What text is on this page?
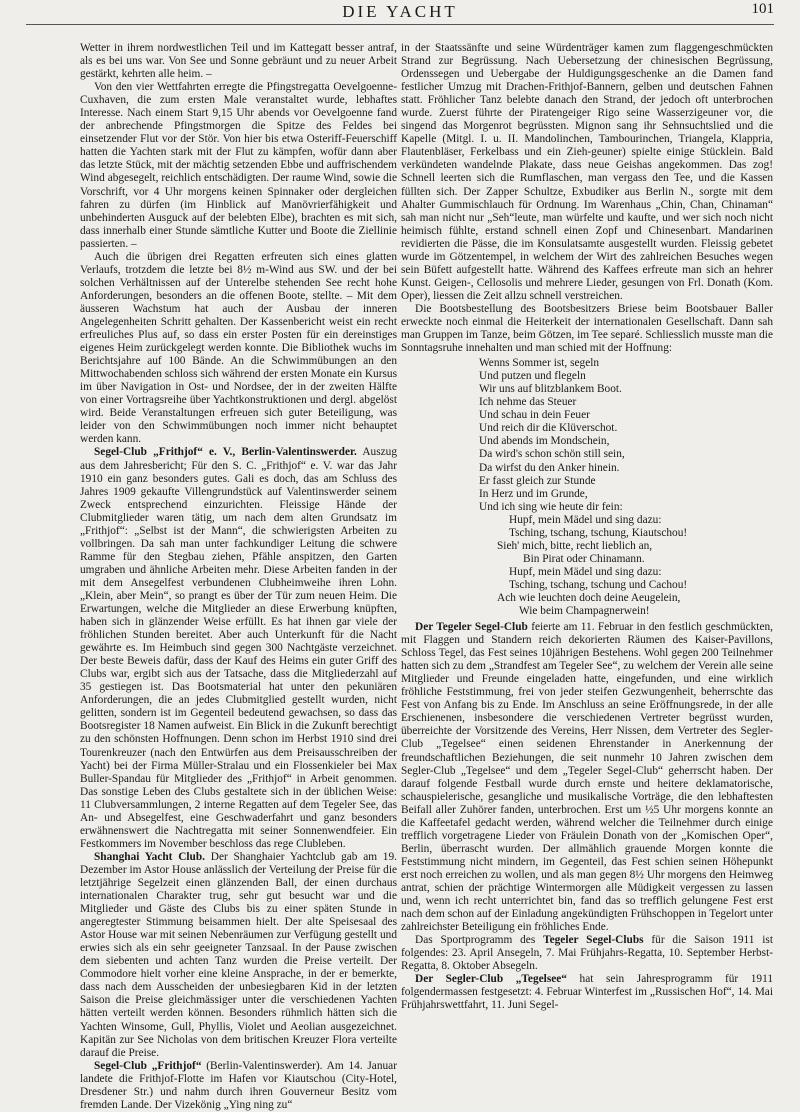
DIE YACHT	101

Wetter in ihrem nordwestlichen Teil und im Kattegatt besser antraf, als es bei uns war. Von See und Sonne gebräunt und zu neuer Arbeit gestärkt, kehrten alle heim. –

Von den vier Wettfahrten erregte die Pfingstregatta Oevelgoenne-Cuxhaven, die zum ersten Male veranstaltet wurde, lebhaftes Interesse. Nach einem Start 9,15 Uhr abends vor Oevelgoenne fand der anbrechende Pfingstmorgen die Spitze des Feldes bei einsetzender Flut vor der Stör. Von hier bis etwa Osteriff-Feuerschiff hatten die Yachten stark mit der Flut zu kämpfen, wofür dann aber das letzte Stück, mit der mächtig setzenden Ebbe und auffrischendem Wind abgesegelt, reichlich entschädigten. Der raume Wind, sowie die Vorschrift, vor 4 Uhr morgens keinen Spinnaker oder dergleichen fahren zu dürfen (im Hinblick auf Manövrierfähigkeit und unbehinderten Ausguck auf der belebten Elbe), brachten es mit sich, dass innerhalb einer Stunde sämtliche Kutter und Boote die Ziellinie passierten. –

Auch die übrigen drei Regatten erfreuten sich eines glatten Verlaufs, trotzdem die letzte bei 8½ m-Wind aus SW. und der bei solchen Verhältnissen auf der Unterelbe stehenden See recht hohe Anforderungen, besonders an die offenen Boote, stellte. – Mit dem äusseren Wachstum hat auch der Ausbau der inneren Angelegenheiten Schritt gehalten. Der Kassenbericht weist ein recht erfreuliches Plus auf, so dass ein erster Posten für ein dereinstiges eigenes Heim zurückgelegt werden konnte. Die Bibliothek wuchs im Berichtsjahre auf 100 Bände. An die Schwimmübungen an den Mittwochabenden schloss sich während der ersten Monate ein Kursus im über Navigation in Ost- und Nordsee, der in der zweiten Hälfte von einer Vortragsreihe über Yachtkonstruktionen und dergl. abgelöst wird. Beide Veranstaltungen erfreuen sich guter Beteiligung, was leider von den Schwimmübungen noch immer nicht behauptet werden kann.

Segel-Club „Frithjof“ e. V., Berlin-Valentinswerder. Auszug aus dem Jahresbericht; Für den S. C. „Frithjof“ e. V. war das Jahr 1910 ein ganz besonders gutes. Gali es doch, das am Schluss des Jahres 1909 gekaufte Villengrundstück auf Valentinswerder seinem Zweck entsprechend einzurichten. Fleissige Hände der Clubmitglieder waren tätig, um nach dem alten Grundsatz im „Frithjof“: „Selbst ist der Mann“, die schwierigsten Arbeiten zu vollbringen. Da sah man unter fachkundiger Leitung die schwere Ramme für den Stegbau ziehen, Pfähle anspitzen, den Garten umgraben und ähnliche Arbeiten mehr. Diese Arbeiten fanden in der mit dem Ansegelfest verbundenen Clubheimweihe ihren Lohn. „Klein, aber Mein“, so prangt es über der Tür zum neuen Heim. Die Erwartungen, welche die Mitglieder an diese Erwerbung knüpften, haben sich in glänzender Weise erfüllt. Es hat ihnen gar viele der fröhlichen Stunden bereitet. Aber auch Unterkunft für die Nacht gewährte es. Im Heimbuch sind gegen 300 Nachtgäste verzeichnet. Der beste Beweis dafür, dass der Kauf des Heims ein guter Griff des Clubs war, ergibt sich aus der Tatsache, dass die Mitgliederzahl auf 35 gestiegen ist. Das Bootsmaterial hat unter den pekuniären Anforderungen, die an jedes Clubmitglied gestellt wurden, nicht gelitten, sondern ist im Gegenteil bedeutend gewachsen, so dass das Bootsregister 18 Namen aufweist. Ein Blick in die Zukunft berechtigt zu den schönsten Hoffnungen. Denn schon im Herbst 1910 sind drei Tourenkreuzer (nach den Entwürfen aus dem Preisausschreiben der Yacht) bei der Firma Müller-Stralau und ein Flossenkieler bei Max Buller-Spandau für Mitglieder des „Frithjof“ in Arbeit genommen. Das sonstige Leben des Clubs gestaltete sich in der üblichen Weise: 11 Clubversammlungen, 2 interne Regatten auf dem Tegeler See, das An- und Absegelfest, eine Geschwaderfahrt und ganz besonders erwähnenswert die Nachtregatta mit seiner Sonnenwendfeier. Ein Festkommers im November beschloss das rege Clubleben.

Shanghai Yacht Club. Der Shanghaier Yachtclub gab am 19. Dezember im Astor House anlässlich der Verteilung der Preise für die letztjährige Segelzeit einen glänzenden Ball, der einen durchaus internationalen Charakter trug, sehr gut besucht war und die Mitglieder und Gäste des Clubs bis zu einer späten Stunde in angeregtester Stimmung beisammen hielt. Der alte Speisesaal des Astor House war mit seinen Nebenräumen zur Verfügung gestellt und erwies sich als ein sehr geeigneter Tanzsaal. In der Pause zwischen dem siebenten und achten Tanz wurden die Preise verteilt. Der Commodore hielt vorher eine kleine Ansprache, in der er bemerkte, dass nach dem Ausscheiden der unbesiegbaren Kid in der letzten Saison die Preise gleichmässiger unter die verschiedenen Yachten hätten verteilt werden können. Besonders rühmlich hätten sich die Yachten Winsome, Gull, Phyllis, Violet und Aeolian ausgezeichnet. Kapitän zur See Nicholas von dem britischen Kreuzer Flora verteilte darauf die Preise.

Segel-Club „Frithjof“ (Berlin-Valentinswerder). Am 14. Januar landete die Frithjof-Flotte im Hafen vor Kiautschou (City-Hotel, Dresdener Str.) und nahm durch ihren Gouverneur Besitz vom fremden Lande. Der Vizekönig „Ying ning zu“

in der Staatssänfte und seine Würdenträger kamen zum flaggengeschmückten Strand zur Begrüssung. Nach Uebersetzung der chinesischen Begrüssung, Ordenssegen und Uebergabe der Huldigungsgeschenke an die Damen fand festlicher Umzug mit Drachen-Frithjof-Bannern, gelben und deutschen Fahnen statt. Fröhlicher Tanz belebte danach den Strand, der jedoch oft unterbrochen wurde. Zuerst führte der Piratengeiger Rigo seine Wasserzigeuner vor, die singend das Morgenrot begrüssten. Mignon sang ihr Sehnsuchtslied und die Kapelle (Mitgl. I. u. II. Mandolinchen, Tambourinchen, Triangela, Klappria, Flautenbläser, Ferkelbass und ein Zieh-geuner) spielte einige Stücklein. Bald verkündeten wandelnde Plakate, dass neue Geishas angekommen. Das zog! Schnell leerten sich die Rumflaschen, man vergass den Tee, und die Kassen füllten sich. Der Zapper Schultze, Exbudiker aus Berlin N., sorgte mit dem Ahalter Gummischlauch für Ordnung. Im Warenhaus „Chin, Chan, Chinaman“ sah man nicht nur „Seh“leute, man würfelte und kaufte, und wer sich noch nicht heimisch fühlte, erstand schnell einen Zopf und Chinesenbart. Mandarinen revidierten die Pässe, die im Konsulatsamte ausgestellt wurden. Fleissig gebetet wurde im Götzentempel, in welchem der Wirt des zahlreichen Besuches wegen sein Büfett aufgestellt hatte. Während des Kaffees erfreute man sich an hehrer Kunst. Geigen-, Cellosolis und mehrere Lieder, gesungen von Frl. Donath (Kom. Oper), liessen die Zeit allzu schnell verstreichen.

Die Bootsbestellung des Bootsbesitzers Briese beim Bootsbauer Baller erweckte noch einmal die Heiterkeit der internationalen Gesellschaft. Dann sah man Gruppen im Tanze, beim Götzen, im Tee separé. Schliesslich musste man die Sonntagsruhe innehalten und man schied mit der Hoffnung:

Wenns Sommer ist, segeln
Und putzen und flegeln
Wir uns auf blitzblankem Boot.
Ich nehme das Steuer
Und schau in dein Feuer
Und reich dir die Klüverschot.
Und abends im Mondschein,
Da wird's schon schön still sein,
Da wirfst du den Anker hinein.
Er fasst gleich zur Stunde
In Herz und im Grunde,
Und ich sing wie heute dir fein:
Hupf, mein Mädel und sing dazu:
Tsching, tschang, tschung, Kiautschou!
Sieh' mich, bitte, recht lieblich an,
Bin Pirat oder Chinamann.
Hupf, mein Mädel und sing dazu:
Tsching, tschang, tschung und Cachou!
Ach wie leuchten doch deine Aeugelein,
Wie beim Champagnerwein!

Der Tegeler Segel-Club feierte am 11. Februar in den festlich geschmückten, mit Flaggen und Standern reich dekorierten Räumen des Kaiser-Pavillons, Schloss Tegel, das Fest seines 10jährigen Bestehens. Wohl gegen 200 Teilnehmer hatten sich zu dem „Strandfest am Tegeler See“, zu welchem der Verein alle seine Mitglieder und Freunde eingeladen hatte, eingefunden, und eine wirklich fröhliche Feststimmung, frei von jeder steifen Gezwungenheit, beherrschte das Fest von Anfang bis zu Ende. Im Anschluss an seine Eröffnungsrede, in der alle Erschienenen, insbesondere die verschiedenen Vertreter begrüsst wurden, überreichte der Vorsitzende des Vereins, Herr Nissen, dem Vertreter des Segler-Club „Tegelsee“ einen seidenen Ehrenstander in Anerkennung der freundschaftlichen Beziehungen, die seit nunmehr 10 Jahren zwischen dem Segler-Club „Tegelsee“ und dem „Tegeler Segel-Club“ geherrscht haben. Der darauf folgende Festball wurde durch ernste und heitere deklamatorische, schauspielerische, gesangliche und musikalische Vorträge, die den lebhaftesten Beifall aller Zuhörer fanden, unterbrochen. Erst um ½5 Uhr morgens konnte an die Kaffeetafel gedacht werden, während welcher die Teilnehmer durch einige trefflich vorgetragene Lieder von Fräulein Donath von der „Komischen Oper“, Berlin, überrascht wurden. Der allmählich grauende Morgen konnte die Feststimmung nicht mindern, im Gegenteil, das Fest schien seinen Höhepunkt erst noch erreichen zu wollen, und als man gegen 8½ Uhr morgens den Heimweg antrat, schien der prächtige Wintermorgen alle Müdigkeit vergessen zu lassen und, wenn ich recht unterrichtet bin, fand das so trefflich gelungene Fest erst nach dem schon auf der Einladung angekündigten Frühschoppen in Tegelort unter zahlreichster Beteiligung ein fröhliches Ende.

Das Sportprogramm des Tegeler Segel-Clubs für die Saison 1911 ist folgendes: 23. April Ansegeln, 7. Mai Frühjahrs-Regatta, 10. September Herbst-Regatta, 8. Oktober Absegeln.

Der Segler-Club „Tegelsee“ hat sein Jahresprogramm für 1911 folgendermassen festgesetzt: 4. Februar Winterfest im „Russischen Hof“, 14. Mai Frühjahrswettfahrt, 11. Juni Segel-
